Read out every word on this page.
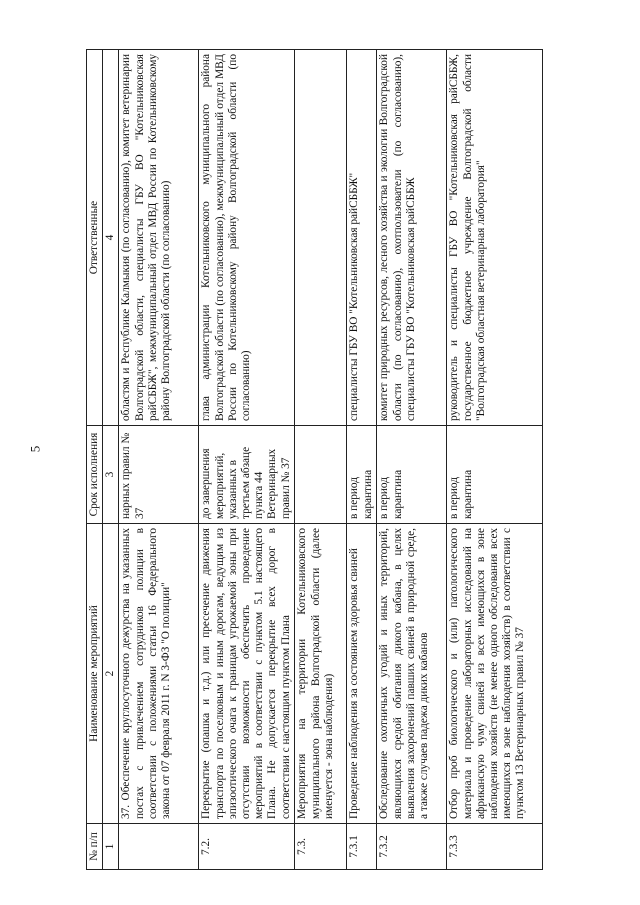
5
№ п/п	Наименование мероприятий	Срок исполнения	Ответственные
1	2	3	4
	37. Обеспечение круглосуточного дежурства на указанных постах с привлечением сотрудников полиции в соответствии с положениями статьи 16 Федерального закона от 07 февраля 2011 г. N 3-ФЗ "О полиции"	нарных правил № 37	областям и Республике Калмыкия (по согласованию), комитет ветеринарии Волгоградской области, специалисты ГБУ ВО "Котельниковская райСББЖ", межмуниципальный отдел МВД России по Котельниковскому району Волгоградской области (по согласованию)
7.2.	Перекрытие (опашка и т.д.) или пресечение движения транспорта по поселковым и иным дорогам, ведущим из эпизоотического очага к границам угрожаемой зоны при отсутствии возможности обеспечить проведение мероприятий в соответствии с пунктом 5.1 настоящего Плана. Не допускается перекрытие всех дорог в соответствии с настоящим пунктом Плана	до завершения мероприятий, указанных в третьем абзаце пункта 44 Ветеринарных правил № 37	глава администрации Котельниковского муниципального района Волгоградской области (по согласованию), межмуниципальный отдел МВД России по Котельниковскому району Волгоградской области (по согласованию)
7.3.	Мероприятия на территории Котельниковского муниципального района Волгоградской области (далее именуется - зона наблюдения)		
7.3.1	Проведение наблюдения за состоянием здоровья свиней	в период карантина	специалисты ГБУ ВО "Котельниковская райСББЖ"
7.3.2	Обследование охотничьих угодий и иных территорий, являющихся средой обитания дикого кабана, в целях выявления захоронений павших свиней в природной среде, а также случаев падежа диких кабанов	в период карантина	комитет природных ресурсов, лесного хозяйства и экологии Волгоградской области (по согласованию), охотпользователи (по согласованию), специалисты ГБУ ВО "Котельниковская райСББЖ
7.3.3	Отбор проб биологического и (или) патологического материала и проведение лабораторных исследований на африканскую чуму свиней из всех имеющихся в зоне наблюдения хозяйств (не менее одного обследования всех имеющихся в зоне наблюдения хозяйств) в соответствии с пунктом 13 Ветеринарных правил № 37	в период карантина	руководитель и специалисты ГБУ ВО "Котельниковская райСББЖ, государственное бюджетное учреждение Волгоградской области "Волгоградская областная ветеринарная лаборатория"
